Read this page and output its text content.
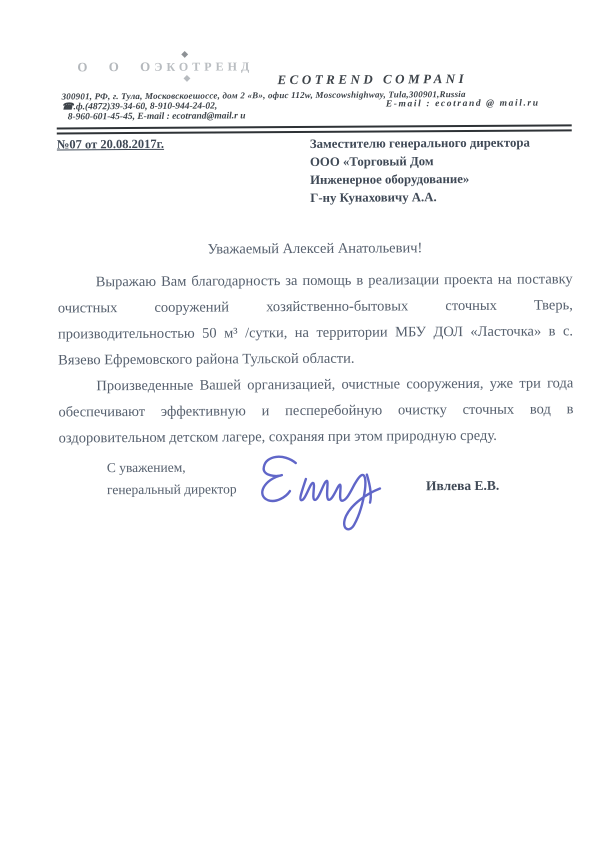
О О О
ЭКОТРЕНД
◆
◆	ECOTREND COMPANI
300901, РФ, г. Тула, Московскоешоссе, дом 2 «В», офис 112w, Moscowshighway, Tula,300901,Russia
☎.ф.(4872)39-34-60, 8-910-944-24-02,	E-mail : ecotrand @ mail.ru
8-960-601-45-45, E-mail : ecotrand@mail.r u
№07 от 20.08.2017г.	Заместителю генерального директора
ООО «Торговый Дом
Инженерное оборудование»
Г-ну Кунаховичу А.А.
Уважаемый Алексей Анатольевич!
Выражаю Вам благодарность за помощь в реализации проекта на поставку очистных сооружений хозяйственно-бытовых сточных Тверь, производительностью 50 м³ /сутки, на территории МБУ ДОЛ «Ласточка» в с. Вязево Ефремовского района Тульской области.
Произведенные Вашей организацией, очистные сооружения, уже три года обеспечивают эффективную и песперебойную очистку сточных вод в оздоровительном детском лагере, сохраняя при этом природную среду.
С уважением,
генеральный директор	Ивлева Е.В.
